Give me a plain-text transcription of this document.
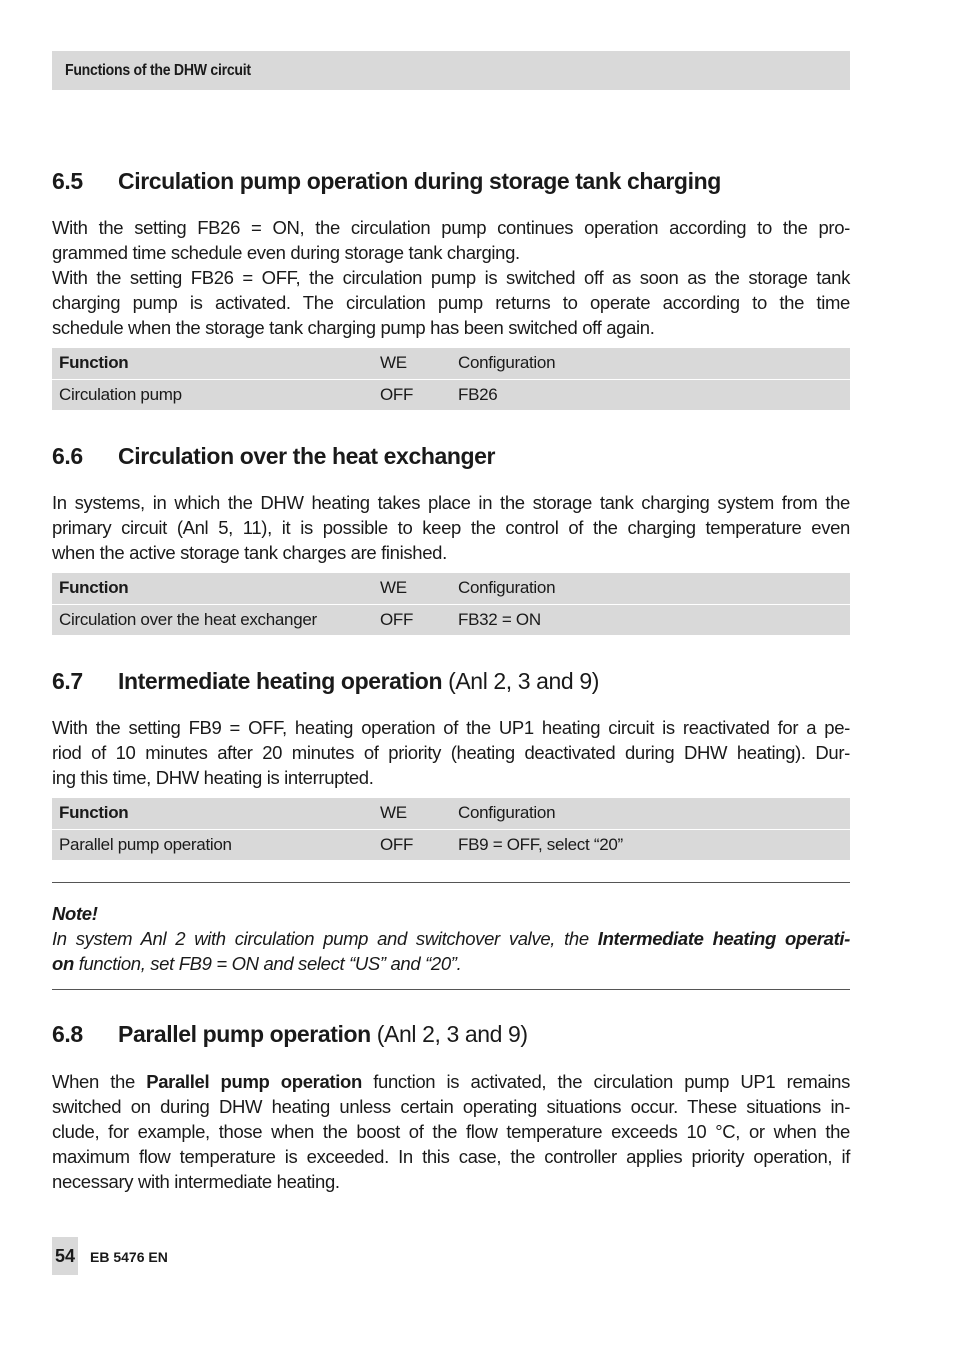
Functions of the DHW circuit
6.5 Circulation pump operation during storage tank charging

With the setting FB26 = ON, the circulation pump continues operation according to the pro-

grammed time schedule even during storage tank charging.

With the setting FB26 = OFF, the circulation pump is switched off as soon as the storage tank

charging pump is activated. The circulation pump returns to operate according to the time

schedule when the storage tank charging pump has been switched off again.

Function	WE	Configuration
Circulation pump	OFF	FB26
6.6 Circulation over the heat exchanger

In systems, in which the DHW heating takes place in the storage tank charging system from the

primary circuit (Anl 5, 11), it is possible to keep the control of the charging temperature even

when the active storage tank charges are finished.

Function	WE	Configuration
Circulation over the heat exchanger	OFF	FB32 = ON
6.7 Intermediate heating operation (Anl 2, 3 and 9)

With the setting FB9 = OFF, heating operation of the UP1 heating circuit is reactivated for a pe-

riod of 10 minutes after 20 minutes of priority (heating deactivated during DHW heating). Dur-

ing this time, DHW heating is interrupted.

Function	WE	Configuration
Parallel pump operation	OFF	FB9 = OFF, select “20”
Note!
In system Anl 2 with circulation pump and switchover valve, the Intermediate heating operati-
on function, set FB9 = ON and select “US” and “20”.
6.8 Parallel pump operation (Anl 2, 3 and 9)

When the Parallel pump operation function is activated, the circulation pump UP1 remains

switched on during DHW heating unless certain operating situations occur. These situations in-

clude, for example, those when the boost of the flow temperature exceeds 10 °C, or when the

maximum flow temperature is exceeded. In this case, the controller applies priority operation, if

necessary with intermediate heating.

54 EB 5476 EN
